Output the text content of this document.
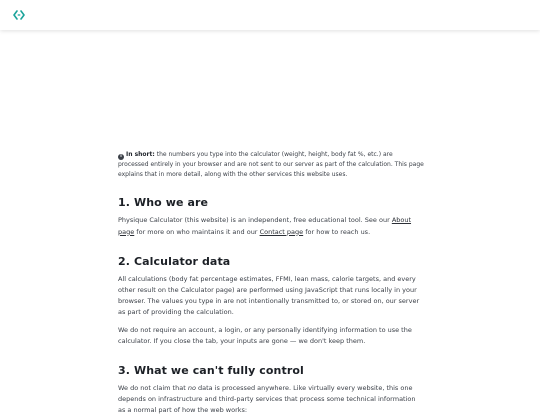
i In short: the numbers you type into the calculator (weight, height, body fat %, etc.) are processed entirely in your browser and are not sent to our server as part of the calculation. This page explains that in more detail, along with the other services this website uses.
1. Who we are

Physique Calculator (this website) is an independent, free educational tool. See our About page for more on who maintains it and our Contact page for how to reach us.

2. Calculator data

All calculations (body fat percentage estimates, FFMI, lean mass, calorie targets, and every other result on the Calculator page) are performed using JavaScript that runs locally in your browser. The values you type in are not intentionally transmitted to, or stored on, our server as part of providing the calculation.

We do not require an account, a login, or any personally identifying information to use the calculator. If you close the tab, your inputs are gone — we don't keep them.

3. What we can't fully control

We do not claim that no data is processed anywhere. Like virtually every website, this one depends on infrastructure and third-party services that process some technical information as a normal part of how the web works:
